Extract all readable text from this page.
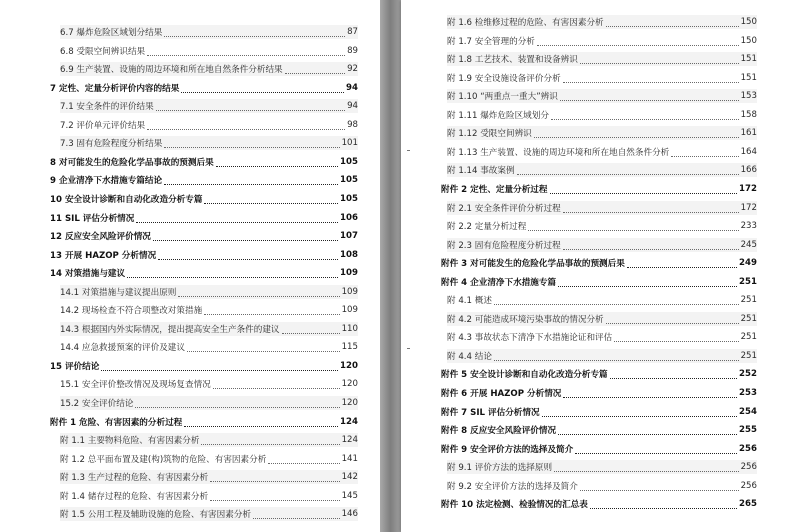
6.7 爆炸危险区域划分结果	87
6.8 受限空间辨识结果	89
6.9 生产装置、设施的周边环境和所在地自然条件分析结果	92
7 定性、定量分析评价内容的结果	94
7.1 安全条件的评价结果	94
7.2 评价单元评价结果	98
7.3 固有危险程度分析结果	101
8 对可能发生的危险化学品事故的预测后果	105
9 企业清净下水措施专篇结论	105
10 安全设计诊断和自动化改造分析专篇	105
11 SIL 评估分析情况	106
12 反应安全风险评价情况	107
13 开展 HAZOP 分析情况	108
14 对策措施与建议	109
14.1 对策措施与建议提出原则	109
14.2 现场检查不符合项整改对策措施	109
14.3 根据国内外实际情况，提出提高安全生产条件的建议	110
14.4 应急救援预案的评价及建议	115
15 评价结论	120
15.1 安全评价整改情况及现场复查情况	120
15.2 安全评价结论	120
附件 1 危险、有害因素的分析过程	124
附 1.1 主要物料危险、有害因素分析	124
附 1.2 总平面布置及建(构)筑物的危险、有害因素分析	141
附 1.3 生产过程的危险、有害因素分析	142
附 1.4 储存过程的危险、有害因素分析	145
附 1.5 公用工程及辅助设施的危险、有害因素分析	146
附 1.6 检维修过程的危险、有害因素分析	150
附 1.7 安全管理的分析	150
附 1.8 工艺技术、装置和设备辨识	151
附 1.9 安全设施设备评价分析	151
附 1.10 “两重点一重大”辨识	153
附 1.11 爆炸危险区域划分	158
附 1.12 受限空间辨识	161
附 1.13 生产装置、设施的周边环境和所在地自然条件分析	164
附 1.14 事故案例	166
附件 2 定性、定量分析过程	172
附 2.1 安全条件评价分析过程	172
附 2.2 定量分析过程	233
附 2.3 固有危险程度分析过程	245
附件 3 对可能发生的危险化学品事故的预测后果	249
附件 4 企业清净下水措施专篇	251
附 4.1 概述	251
附 4.2 可能造成环境污染事故的情况分析	251
附 4.3 事故状态下清净下水措施论证和评估	251
附 4.4 结论	251
附件 5 安全设计诊断和自动化改造分析专篇	252
附件 6 开展 HAZOP 分析情况	253
附件 7 SIL 评估分析情况	254
附件 8 反应安全风险评价情况	255
附件 9 安全评价方法的选择及简介	256
附 9.1 评价方法的选择原则	256
附 9.2 安全评价方法的选择及简介	256
附件 10 法定检测、检验情况的汇总表	265
